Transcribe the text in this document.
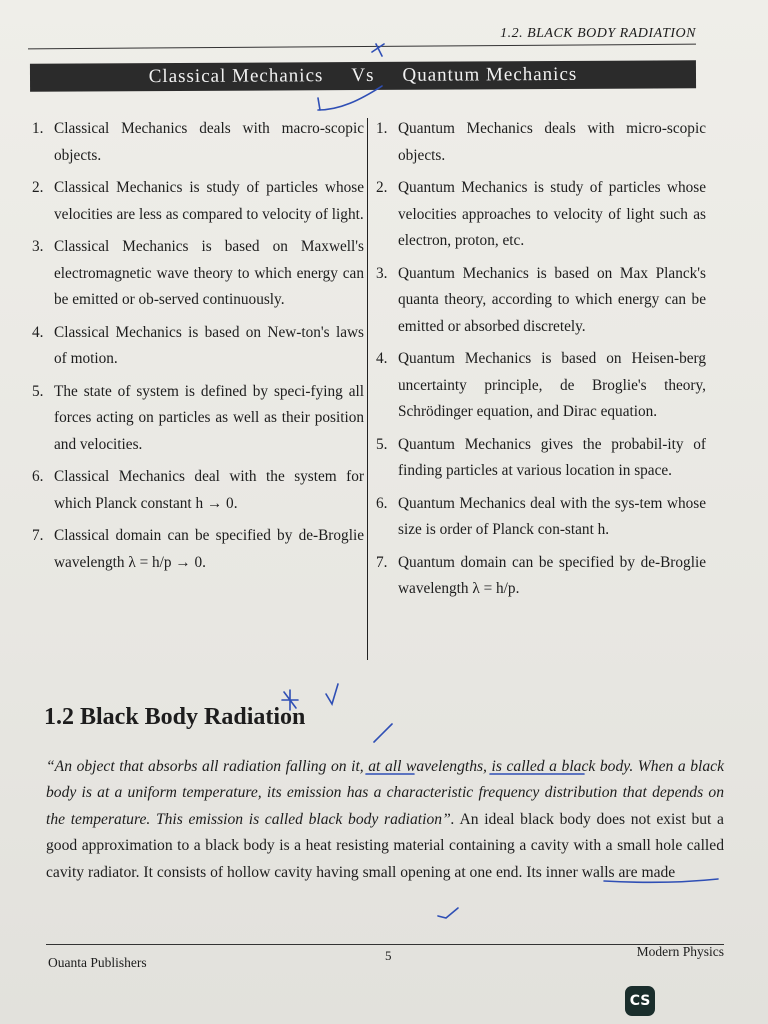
1.2. BLACK BODY RADIATION
Classical Mechanics Vs Quantum Mechanics
1. Classical Mechanics deals with macro-scopic objects.
2. Classical Mechanics is study of particles whose velocities are less as compared to velocity of light.
3. Classical Mechanics is based on Maxwell's electromagnetic wave theory to which energy can be emitted or ob-served continuously.
4. Classical Mechanics is based on New-ton's laws of motion.
5. The state of system is defined by speci-fying all forces acting on particles as well as their position and velocities.
6. Classical Mechanics deal with the system for which Planck constant h → 0.
7. Classical domain can be specified by de-Broglie wavelength λ = h/p → 0.
1. Quantum Mechanics deals with micro-scopic objects.
2. Quantum Mechanics is study of particles whose velocities approaches to velocity of light such as electron, proton, etc.
3. Quantum Mechanics is based on Max Planck's quanta theory, according to which energy can be emitted or absorbed discretely.
4. Quantum Mechanics is based on Heisen-berg uncertainty principle, de Broglie's theory, Schrödinger equation, and Dirac equation.
5. Quantum Mechanics gives the probabil-ity of finding particles at various location in space.
6. Quantum Mechanics deal with the sys-tem whose size is order of Planck con-stant h.
7. Quantum domain can be specified by de-Broglie wavelength λ = h/p.
1.2 Black Body Radiation
“An object that absorbs all radiation falling on it, at all wavelengths, is called a black body. When a black body is at a uniform temperature, its emission has a characteristic frequency distribution that depends on the temperature. This emission is called black body radiation”. An ideal black body does not exist but a good approximation to a black body is a heat resisting material containing a cavity with a small hole called cavity radiator. It consists of hollow cavity having small opening at one end. Its inner walls are made
Ouanta Publishers	5	Modern Physics
CS
